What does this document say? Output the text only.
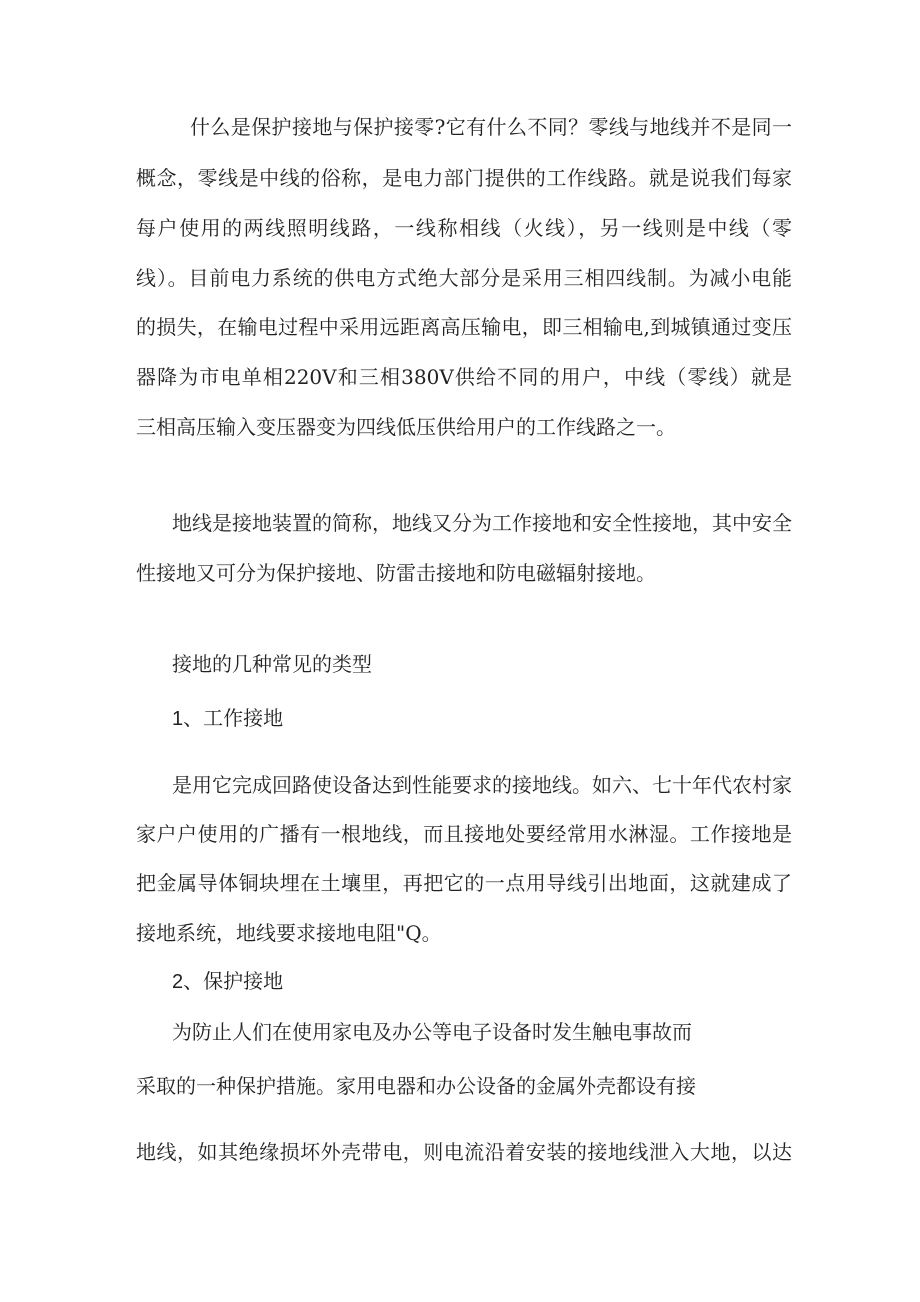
什么是保护接地与保护接零?它有什么不同？零线与地线并不是同一
概念，零线是中线的俗称，是电力部门提供的工作线路。就是说我们每家
每户使用的两线照明线路，一线称相线（火线），另一线则是中线（零
线）。目前电力系统的供电方式绝大部分是采用三相四线制。为减小电能
的损失，在输电过程中采用远距离高压输电，即三相输电,到城镇通过变压
器降为市电单相220V和三相380V供给不同的用户，中线（零线）就是
三相高压输入变压器变为四线低压供给用户的工作线路之一。
地线是接地装置的简称，地线又分为工作接地和安全性接地，其中安全
性接地又可分为保护接地、防雷击接地和防电磁辐射接地。
接地的几种常见的类型
1、工作接地
是用它完成回路使设备达到性能要求的接地线。如六、七十年代农村家
家户户使用的广播有一根地线，而且接地处要经常用水淋湿。工作接地是
把金属导体铜块埋在土壤里，再把它的一点用导线引出地面，这就建成了
接地系统，地线要求接地电阻"Q。
2、保护接地
为防止人们在使用家电及办公等电子设备时发生触电事故而
采取的一种保护措施。家用电器和办公设备的金属外壳都设有接
地线，如其绝缘损坏外壳带电，则电流沿着安装的接地线泄入大地，以达
